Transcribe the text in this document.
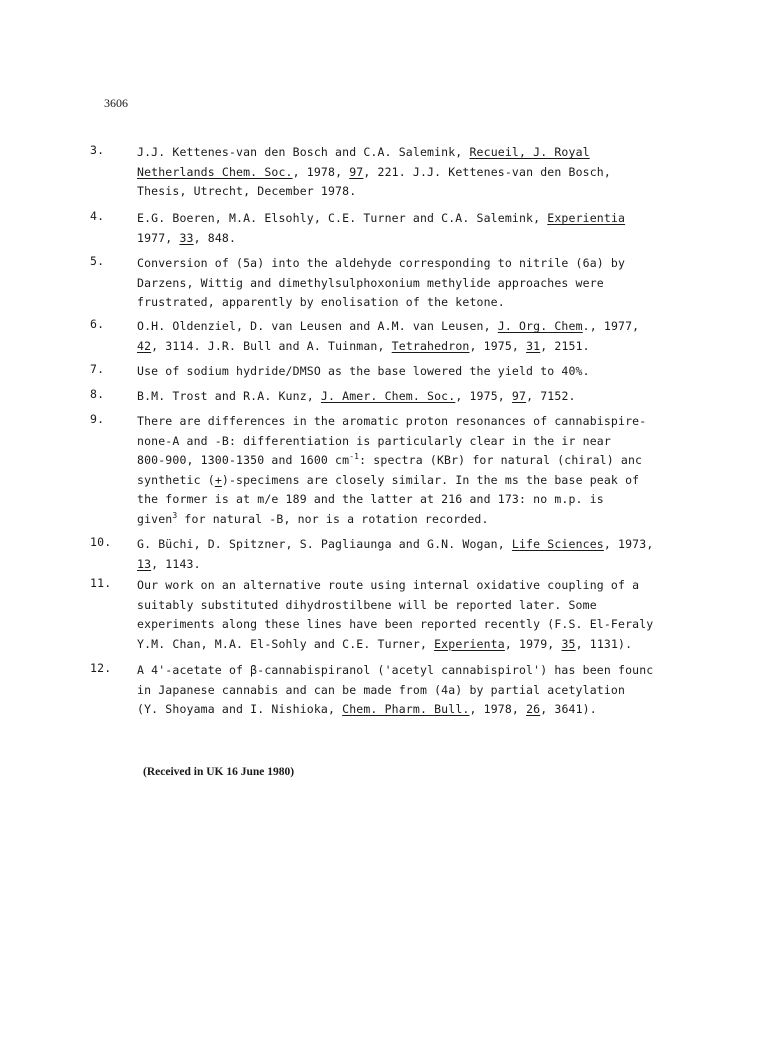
3606
3.	J.J. Kettenes-van den Bosch and C.A. Salemink, Recueil, J. Royal
Netherlands Chem. Soc., 1978, 97, 221. J.J. Kettenes-van den Bosch,
Thesis, Utrecht, December 1978.
4.	E.G. Boeren, M.A. Elsohly, C.E. Turner and C.A. Salemink, Experientia
1977, 33, 848.
5.	Conversion of (5a) into the aldehyde corresponding to nitrile (6a) by
Darzens, Wittig and dimethylsulphoxonium methylide approaches were
frustrated, apparently by enolisation of the ketone.
6.	O.H. Oldenziel, D. van Leusen and A.M. van Leusen, J. Org. Chem., 1977,
42, 3114. J.R. Bull and A. Tuinman, Tetrahedron, 1975, 31, 2151.
7.	Use of sodium hydride/DMSO as the base lowered the yield to 40%.
8.	B.M. Trost and R.A. Kunz, J. Amer. Chem. Soc., 1975, 97, 7152.
9.	There are differences in the aromatic proton resonances of cannabispire-
none-A and -B: differentiation is particularly clear in the ir near
800-900, 1300-1350 and 1600 $cm^{-1}$: spectra (KBr) for natural (chiral) anc
synthetic (+)-specimens are closely similar. In the ms the base peak of
the former is at m/e 189 and the latter at 216 and 173: no m.p. is
given$^3$ for natural -B, nor is a rotation recorded.
10. G. Büchi, D. Spitzner, S. Pagliaunga and G.N. Wogan, Life Sciences, 1973,
13, 1143.
11. Our work on an alternative route using internal oxidative coupling of a
suitably substituted dihydrostilbene will be reported later. Some
experiments along these lines have been reported recently (F.S. El-Feraly
Y.M. Chan, M.A. El-Sohly and C.E. Turner, Experienta, 1979, 35, 1131).
12. A 4'-acetate of β-cannabispiranol ('acetyl cannabispirol') has been founc
in Japanese cannabis and can be made from (4a) by partial acetylation
(Y. Shoyama and I. Nishioka, Chem. Pharm. Bull., 1978, 26, 3641).
(Received in UK 16 June 1980)
